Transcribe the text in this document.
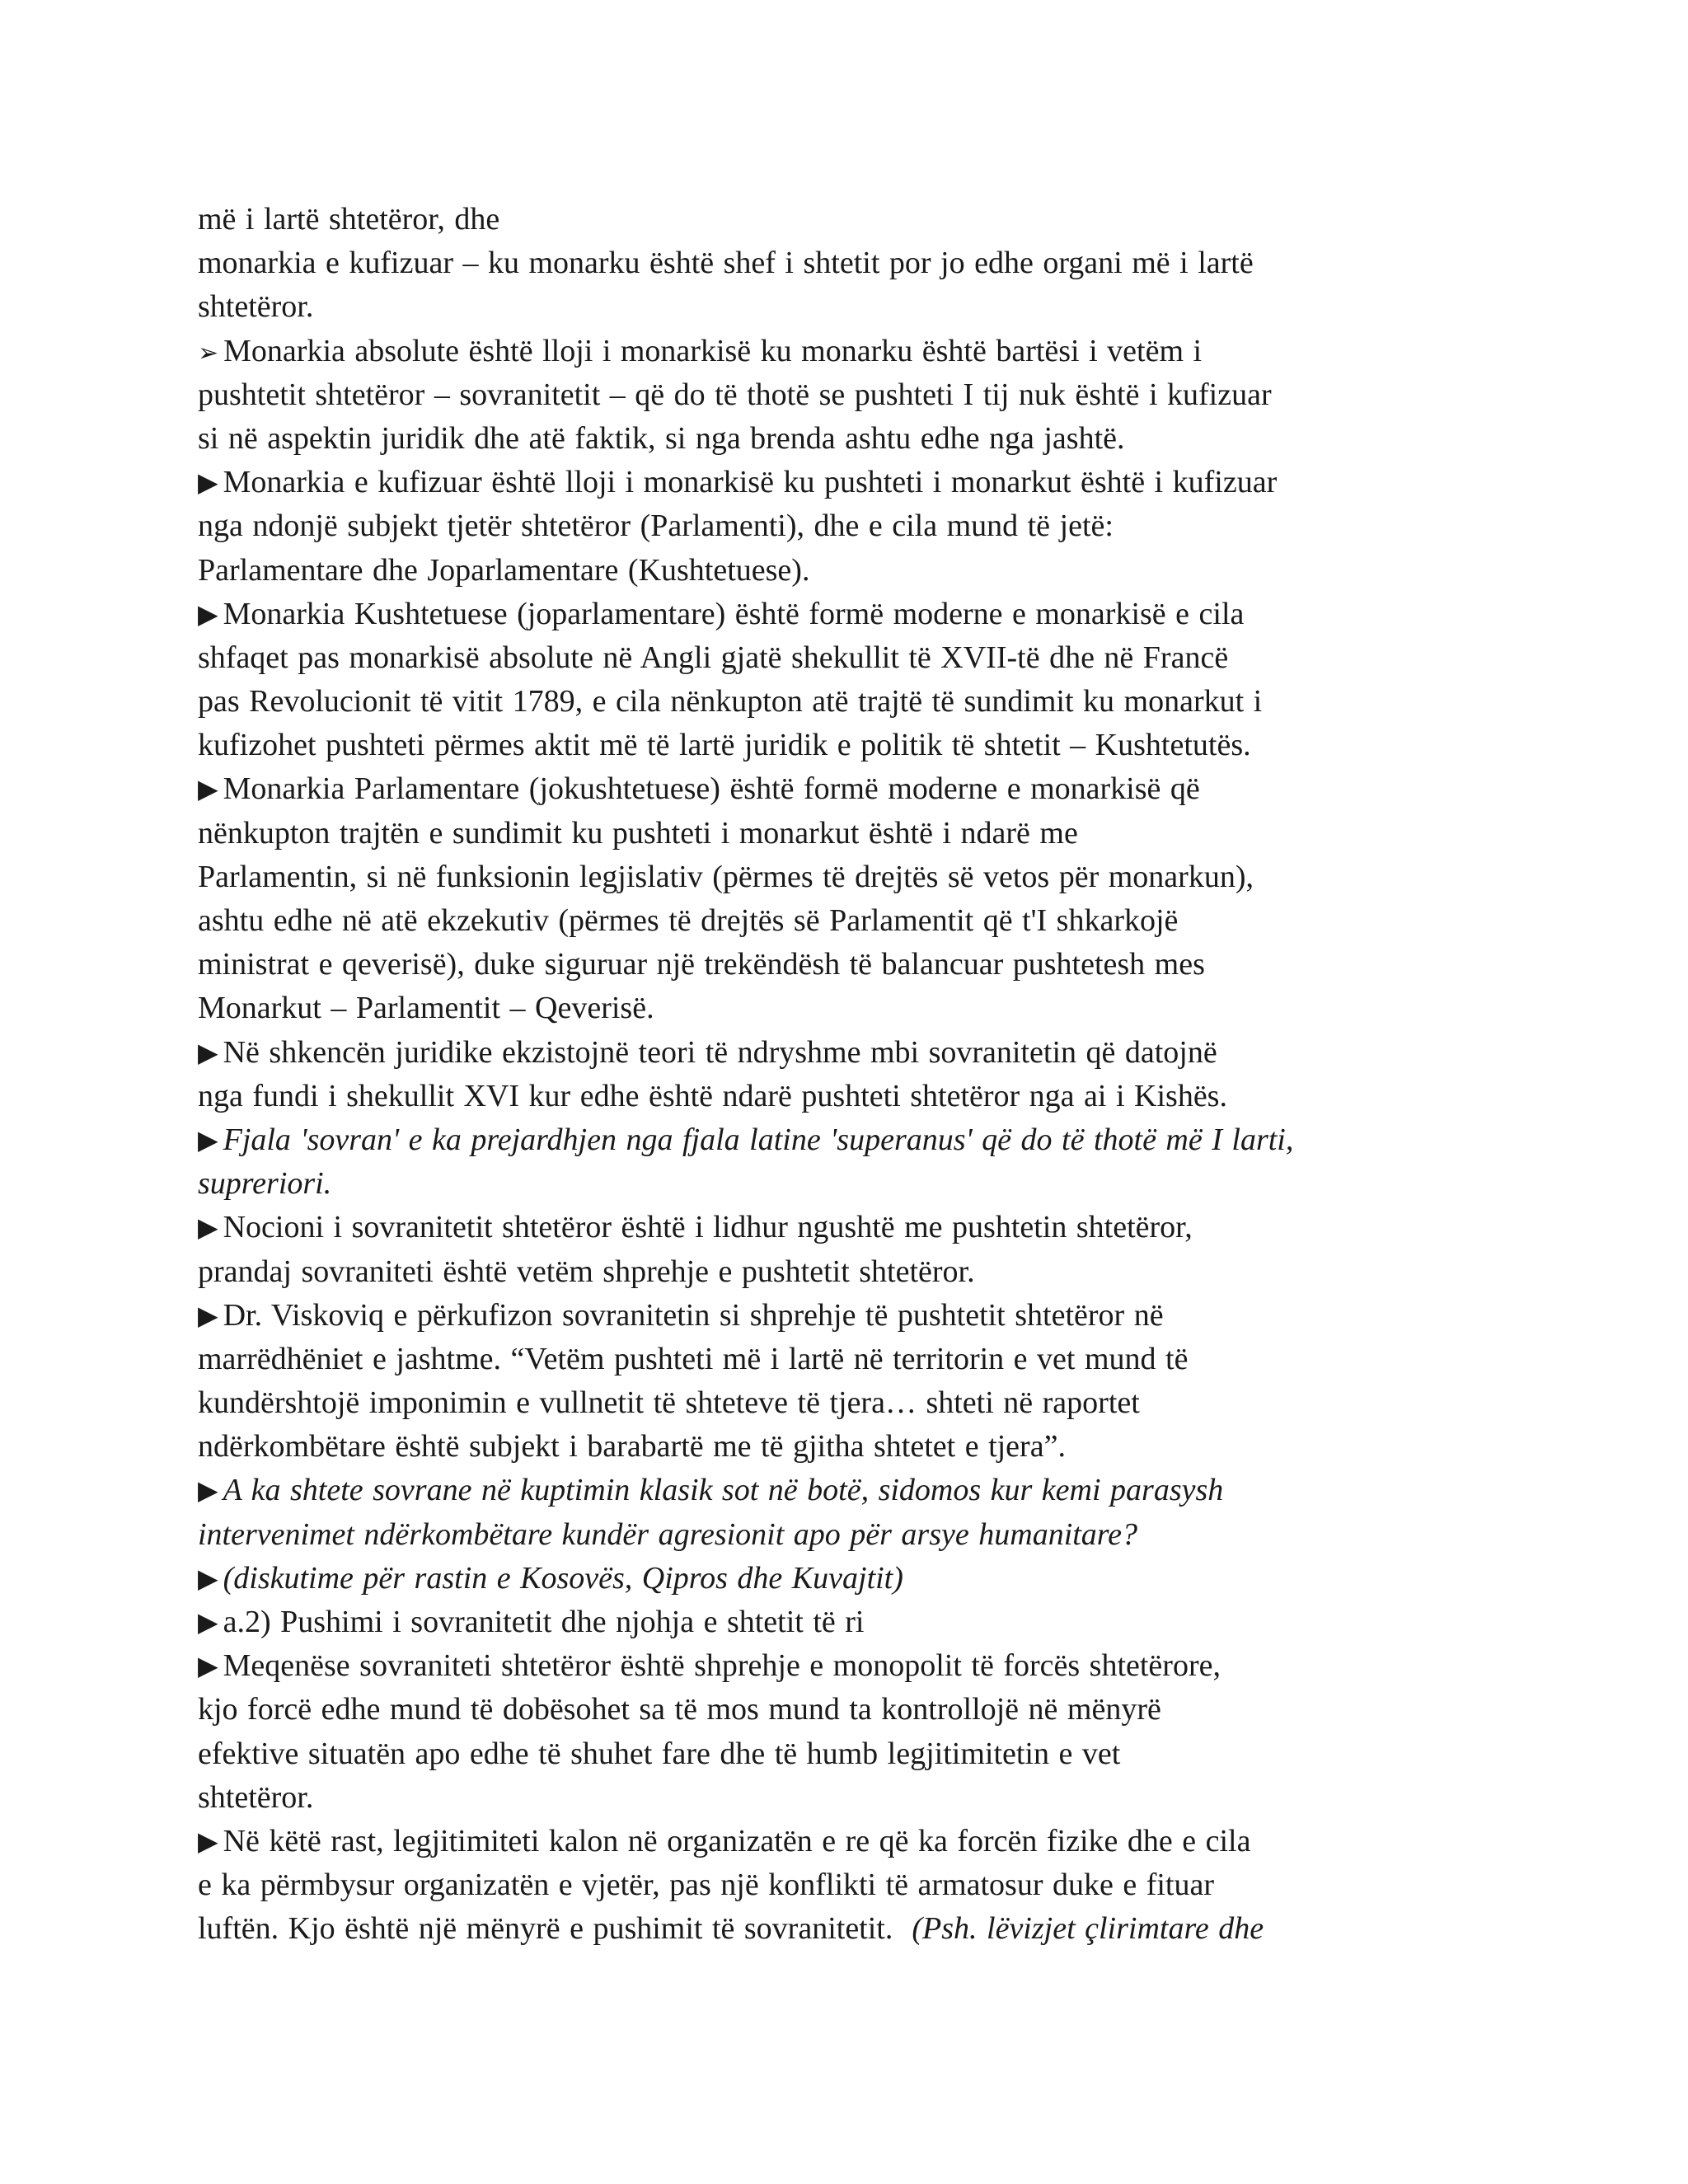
më i lartë shtetëror, dhe
monarkia e kufizuar – ku monarku është shef i shtetit por jo edhe organi më i lartë
shtetëror.
➢ Monarkia absolute është lloji i monarkisë ku monarku është bartësi i vetëm i
pushtetit shtetëror – sovranitetit – që do të thotë se pushteti I tij nuk është i kufizuar
si në aspektin juridik dhe atë faktik, si nga brenda ashtu edhe nga jashtë.
▶ Monarkia e kufizuar është lloji i monarkisë ku pushteti i monarkut është i kufizuar
nga ndonjë subjekt tjetër shtetëror (Parlamenti), dhe e cila mund të jetë:
Parlamentare dhe Joparlamentare (Kushtetuese).
▶ Monarkia Kushtetuese (joparlamentare) është formë moderne e monarkisë e cila
shfaqet pas monarkisë absolute në Angli gjatë shekullit të XVII-të dhe në Francë
pas Revolucionit të vitit 1789, e cila nënkupton atë trajtë të sundimit ku monarkut i
kufizohet pushteti përmes aktit më të lartë juridik e politik të shtetit – Kushtetutës.
▶ Monarkia Parlamentare (jokushtetuese) është formë moderne e monarkisë që
nënkupton trajtën e sundimit ku pushteti i monarkut është i ndarë me
Parlamentin, si në funksionin legjislativ (përmes të drejtës së vetos për monarkun),
ashtu edhe në atë ekzekutiv (përmes të drejtës së Parlamentit që t'I shkarkojë
ministrat e qeverisë), duke siguruar një trekëndësh të balancuar pushtetesh mes
Monarkut – Parlamentit – Qeverisë.
▶ Në shkencën juridike ekzistojnë teori të ndryshme mbi sovranitetin që datojnë
nga fundi i shekullit XVI kur edhe është ndarë pushteti shtetëror nga ai i Kishës.
▶ Fjala 'sovran' e ka prejardhjen nga fjala latine 'superanus' që do të thotë më I larti,
supreriori.
▶ Nocioni i sovranitetit shtetëror është i lidhur ngushtë me pushtetin shtetëror,
prandaj sovraniteti është vetëm shprehje e pushtetit shtetëror.
▶ Dr. Viskoviq e përkufizon sovranitetin si shprehje të pushtetit shtetëror në
marrëdhëniet e jashtme. “Vetëm pushteti më i lartë në territorin e vet mund të
kundërshtojë imponimin e vullnetit të shteteve të tjera… shteti në raportet
ndërkombëtare është subjekt i barabartë me të gjitha shtetet e tjera”.
▶ A ka shtete sovrane në kuptimin klasik sot në botë, sidomos kur kemi parasysh
intervenimet ndërkombëtare kundër agresionit apo për arsye humanitare?
▶ (diskutime për rastin e Kosovës, Qipros dhe Kuvajtit)
▶ a.2) Pushimi i sovranitetit dhe njohja e shtetit të ri
▶ Meqenëse sovraniteti shtetëror është shprehje e monopolit të forcës shtetërore,
kjo forcë edhe mund të dobësohet sa të mos mund ta kontrollojë në mënyrë
efektive situatën apo edhe të shuhet fare dhe të humb legjitimitetin e vet
shtetëror.
▶ Në këtë rast, legjitimiteti kalon në organizatën e re që ka forcën fizike dhe e cila
e ka përmbysur organizatën e vjetër, pas një konflikti të armatosur duke e fituar
luftën. Kjo është një mënyrë e pushimit të sovranitetit. (Psh. lëvizjet çlirimtare dhe
